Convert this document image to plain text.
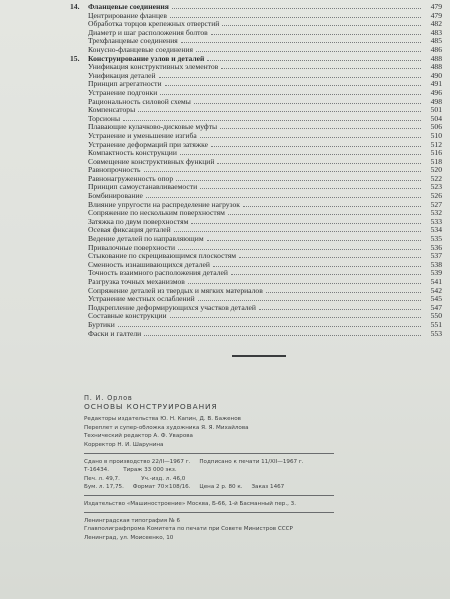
14.	Фланцевые соединения	479
Центрирование фланцев	479
Обработка торцов крепежных отверстий	482
Диаметр и шаг расположения болтов	483
Трехфланцевые соединения	485
Конусно-фланцевые соединения	486
15.	Конструирование узлов и деталей	488
Унификация конструктивных элементов	488
Унификация деталей	490
Принцип агрегатности	491
Устранение подгонки	496
Рациональность силовой схемы	498
Компенсаторы	501
Торсионы	504
Плавающие кулачково-дисковые муфты	506
Устранение и уменьшение изгиба	510
Устранение деформаций при затяжке	512
Компактность конструкции	516
Совмещение конструктивных функций	518
Равнопрочность	520
Равнонагруженность опор	522
Принцип самоустанавливаемости	523
Бомбинирование	526
Влияние упругости на распределение нагрузок	527
Сопряжение по нескольким поверхностям	532
Затяжка по двум поверхностям	533
Осевая фиксация деталей	534
Ведение деталей по направляющим	535
Привалочные поверхности	536
Стыкование по скрещивающимся плоскостям	537
Сменность изнашивающихся деталей	538
Точность взаимного расположения деталей	539
Разгрузка точных механизмов	541
Сопряжение деталей из твердых и мягких материалов	542
Устранение местных ослаблений	545
Подкрепление деформирующихся участков деталей	547
Составные конструкции	550
Буртики	551
Фаски и галтели	553
П. И. Орлов
ОСНОВЫ КОНСТРУИРОВАНИЯ
Редакторы издательства Ю. Н. Капин, Д. В. Баженов
Переплет и супер-обложка художника Я. Я. Михайлова
Технический редактор А. Ф. Уварова
Корректор Н. И. Шарунина
Сдано в производство 22/II—1967 г. Подписано к печати 11/XII—1967 г.
Т-16434.	Тираж 33 000 экз.
Печ. л. 49,7.	Уч.-изд. л. 46,0
Бум. л. 17,75. Формат 70×108/16. Цена 2 р. 80 к. Заказ 1467
Издательство «Машиностроение» Москва, Б-66, 1-й Басманный пер., 3.
Ленинградская типография № 6
Главполиграфпрома Комитета по печати при Совете Министров СССР
Ленинград, ул. Моисеенко, 10
